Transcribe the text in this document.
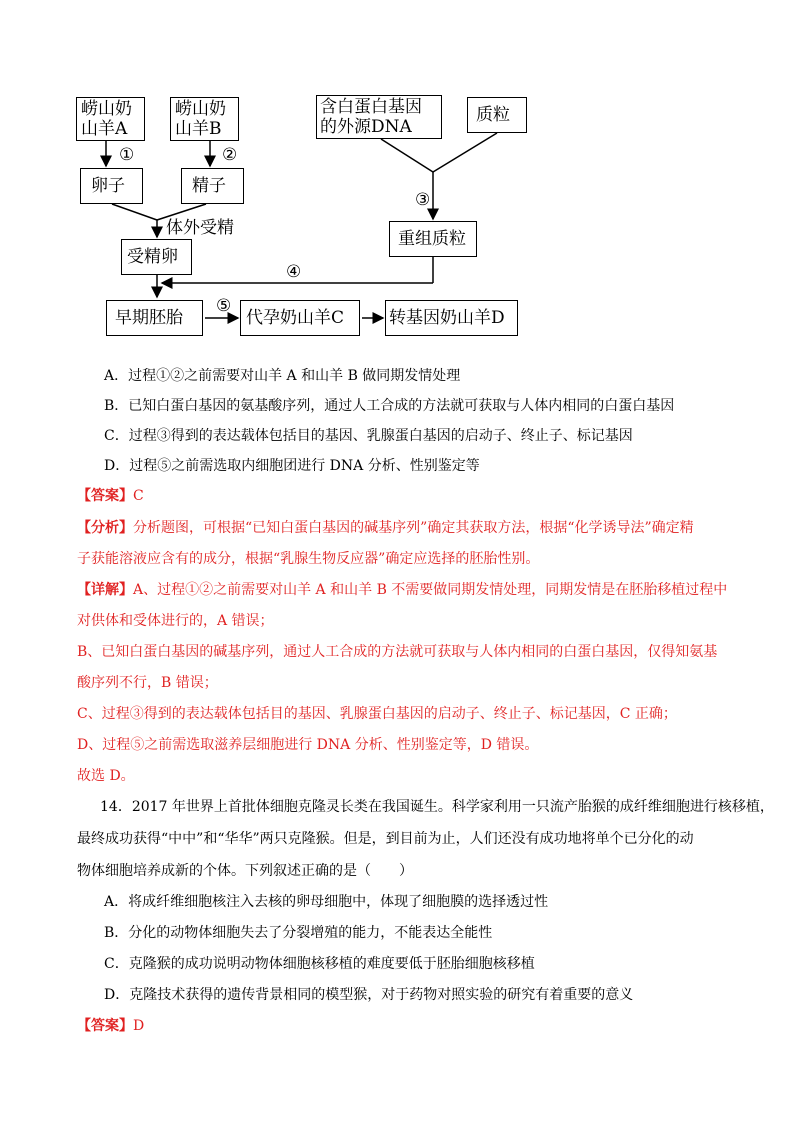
崂山奶
山羊A
崂山奶
山羊B
①	②
卵子	精子
体外受精
受精卵
早期胚胎
⑤
代孕奶山羊C	转基因奶山羊D
含白蛋白基因
的外源DNA
质粒
③
重组质粒
④
A．过程①②之前需要对山羊 A 和山羊 B 做同期发情处理
B．已知白蛋白基因的氨基酸序列，通过人工合成的方法就可获取与人体内相同的白蛋白基因
C．过程③得到的表达载体包括目的基因、乳腺蛋白基因的启动子、终止子、标记基因
D．过程⑤之前需选取内细胞团进行 DNA 分析、性别鉴定等
【答案】C
【分析】分析题图，可根据“已知白蛋白基因的碱基序列”确定其获取方法，根据“化学诱导法”确定精
子获能溶液应含有的成分，根据“乳腺生物反应器”确定应选择的胚胎性别。
【详解】A、过程①②之前需要对山羊 A 和山羊 B 不需要做同期发情处理，同期发情是在胚胎移植过程中
对供体和受体进行的，A 错误；
B、已知白蛋白基因的碱基序列，通过人工合成的方法就可获取与人体内相同的白蛋白基因，仅得知氨基
酸序列不行，B 错误；
C、过程③得到的表达载体包括目的基因、乳腺蛋白基因的启动子、终止子、标记基因，C 正确；
D、过程⑤之前需选取滋养层细胞进行 DNA 分析、性别鉴定等，D 错误。
故选 D。
14．2017 年世界上首批体细胞克隆灵长类在我国诞生。科学家利用一只流产胎猴的成纤维细胞进行核移植，
最终成功获得“中中”和“华华”两只克隆猴。但是，到目前为止，人们还没有成功地将单个已分化的动
物体细胞培养成新的个体。下列叙述正确的是（　　）
A．将成纤维细胞核注入去核的卵母细胞中，体现了细胞膜的选择透过性
B．分化的动物体细胞失去了分裂增殖的能力，不能表达全能性
C．克隆猴的成功说明动物体细胞核移植的难度要低于胚胎细胞核移植
D．克隆技术获得的遗传背景相同的模型猴，对于药物对照实验的研究有着重要的意义
【答案】D
